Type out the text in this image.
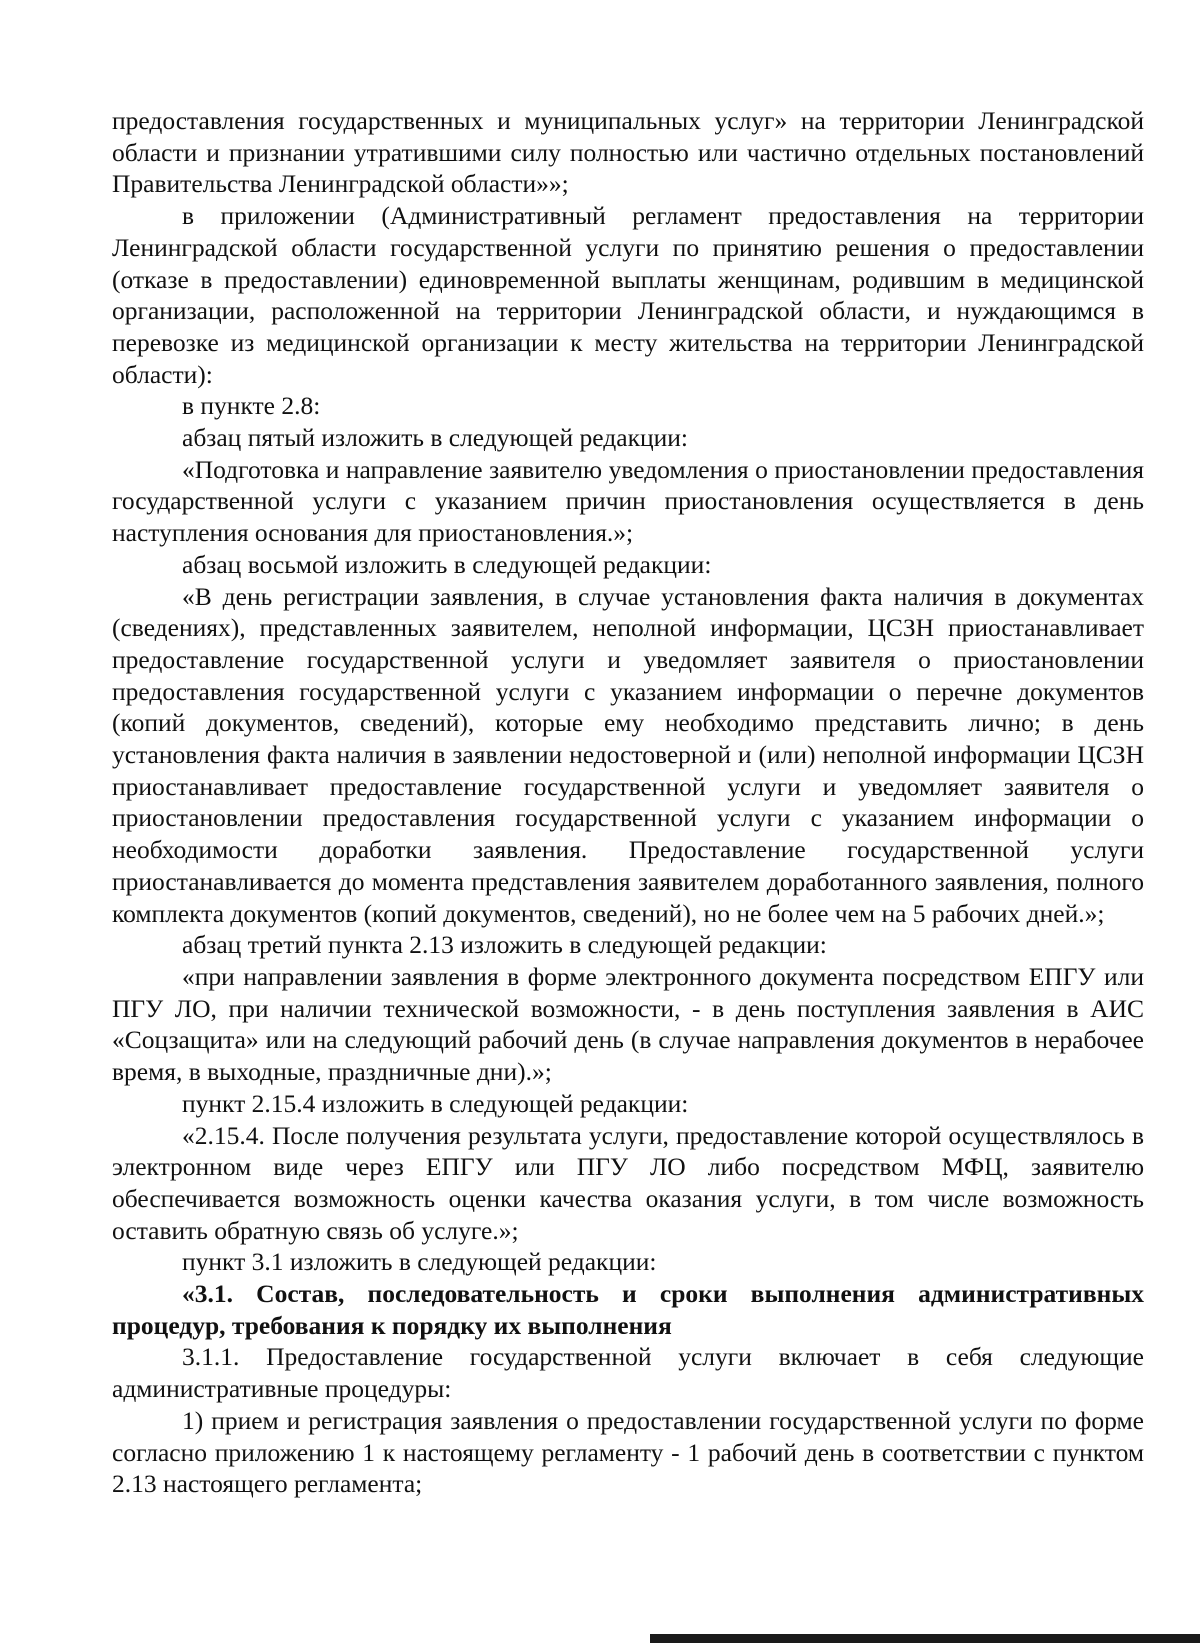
предоставления государственных и муниципальных услуг» на территории Ленинградской области и признании утратившими силу полностью или частично отдельных постановлений Правительства Ленинградской области»»;

в приложении (Административный регламент предоставления на территории Ленинградской области государственной услуги по принятию решения о предоставлении (отказе в предоставлении) единовременной выплаты женщинам, родившим в медицинской организации, расположенной на территории Ленинградской области, и нуждающимся в перевозке из медицинской организации к месту жительства на территории Ленинградской области):

в пункте 2.8:

абзац пятый изложить в следующей редакции:

«Подготовка и направление заявителю уведомления о приостановлении предоставления государственной услуги с указанием причин приостановления осуществляется в день наступления основания для приостановления.»;

абзац восьмой изложить в следующей редакции:

«В день регистрации заявления, в случае установления факта наличия в документах (сведениях), представленных заявителем, неполной информации, ЦСЗН приостанавливает предоставление государственной услуги и уведомляет заявителя о приостановлении предоставления государственной услуги с указанием информации о перечне документов (копий документов, сведений), которые ему необходимо представить лично; в день установления факта наличия в заявлении недостоверной и (или) неполной информации ЦСЗН приостанавливает предоставление государственной услуги и уведомляет заявителя о приостановлении предоставления государственной услуги с указанием информации о необходимости доработки заявления. Предоставление государственной услуги приостанавливается до момента представления заявителем доработанного заявления, полного комплекта документов (копий документов, сведений), но не более чем на 5 рабочих дней.»;

абзац третий пункта 2.13 изложить в следующей редакции:

«при направлении заявления в форме электронного документа посредством ЕПГУ или ПГУ ЛО, при наличии технической возможности, - в день поступления заявления в АИС «Соцзащита» или на следующий рабочий день (в случае направления документов в нерабочее время, в выходные, праздничные дни).»;

пункт 2.15.4 изложить в следующей редакции:

«2.15.4. После получения результата услуги, предоставление которой осуществлялось в электронном виде через ЕПГУ или ПГУ ЛО либо посредством МФЦ, заявителю обеспечивается возможность оценки качества оказания услуги, в том числе возможность оставить обратную связь об услуге.»;

пункт 3.1 изложить в следующей редакции:

«3.1. Состав, последовательность и сроки выполнения административных процедур, требования к порядку их выполнения

3.1.1. Предоставление государственной услуги включает в себя следующие административные процедуры:

1) прием и регистрация заявления о предоставлении государственной услуги по форме согласно приложению 1 к настоящему регламенту - 1 рабочий день в соответствии с пунктом 2.13 настоящего регламента;
